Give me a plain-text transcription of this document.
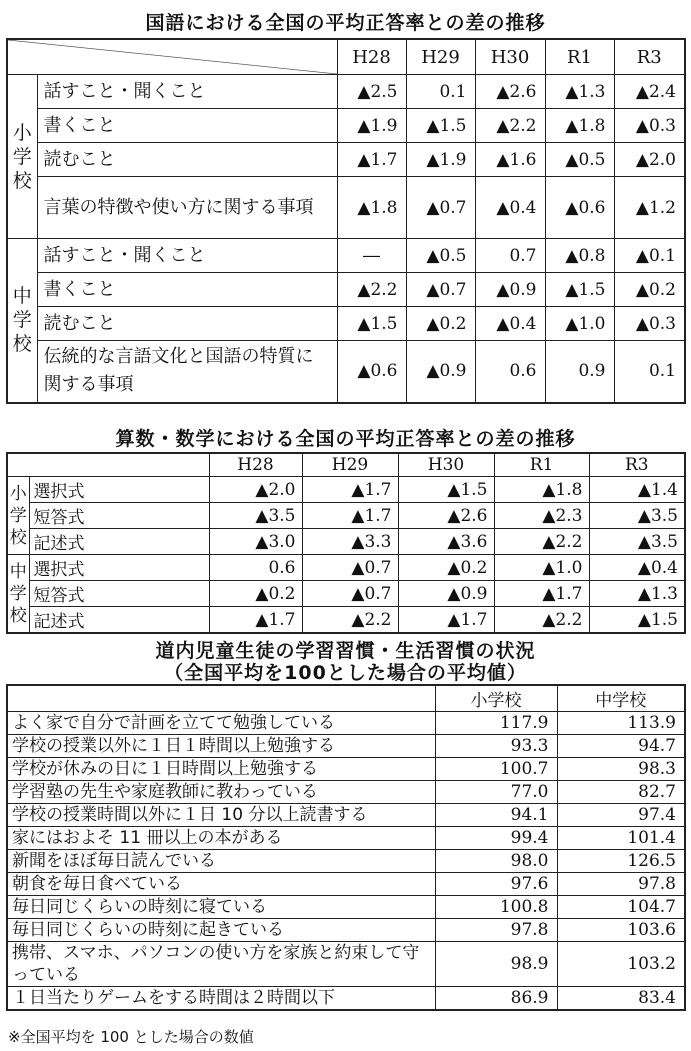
国語における全国の平均正答率との差の推移
		H28	H29	H30	R1	R3
小学校	話すこと・聞くこと	▲2.5	0.1	▲2.6	▲1.3	▲2.4
	書くこと	▲1.9	▲1.5	▲2.2	▲1.8	▲0.3
	読むこと	▲1.7	▲1.9	▲1.6	▲0.5	▲2.0
	言葉の特徴や使い方に関する事項	▲1.8	▲0.7	▲0.4	▲0.6	▲1.2
中学校	話すこと・聞くこと	―	▲0.5	0.7	▲0.8	▲0.1
	書くこと	▲2.2	▲0.7	▲0.9	▲1.5	▲0.2
	読むこと	▲1.5	▲0.2	▲0.4	▲1.0	▲0.3
	伝統的な言語文化と国語の特質に関する事項	▲0.6	▲0.9	0.6	0.9	0.1
算数・数学における全国の平均正答率との差の推移
		H28	H29	H30	R1	R3
小学校	選択式	▲2.0	▲1.7	▲1.5	▲1.8	▲1.4
	短答式	▲3.5	▲1.7	▲2.6	▲2.3	▲3.5
	記述式	▲3.0	▲3.3	▲3.6	▲2.2	▲3.5
中学校	選択式	0.6	▲0.7	▲0.2	▲1.0	▲0.4
	短答式	▲0.2	▲0.7	▲0.9	▲1.7	▲1.3
	記述式	▲1.7	▲2.2	▲1.7	▲2.2	▲1.5
道内児童生徒の学習習慣・生活習慣の状況
（全国平均を100とした場合の平均値）
	小学校	中学校
よく家で自分で計画を立てて勉強している	117.9	113.9
学校の授業以外に１日１時間以上勉強する	93.3	94.7
学校が休みの日に１日時間以上勉強する	100.7	98.3
学習塾の先生や家庭教師に教わっている	77.0	82.7
学校の授業時間以外に１日 10 分以上読書する	94.1	97.4
家にはおよそ 11 冊以上の本がある	99.4	101.4
新聞をほぼ毎日読んでいる	98.0	126.5
朝食を毎日食べている	97.6	97.8
毎日同じくらいの時刻に寝ている	100.8	104.7
毎日同じくらいの時刻に起きている	97.8	103.6
携帯、スマホ、パソコンの使い方を家族と約束して守っている	98.9	103.2
１日当たりゲームをする時間は２時間以下	86.9	83.4
※全国平均を 100 とした場合の数値
